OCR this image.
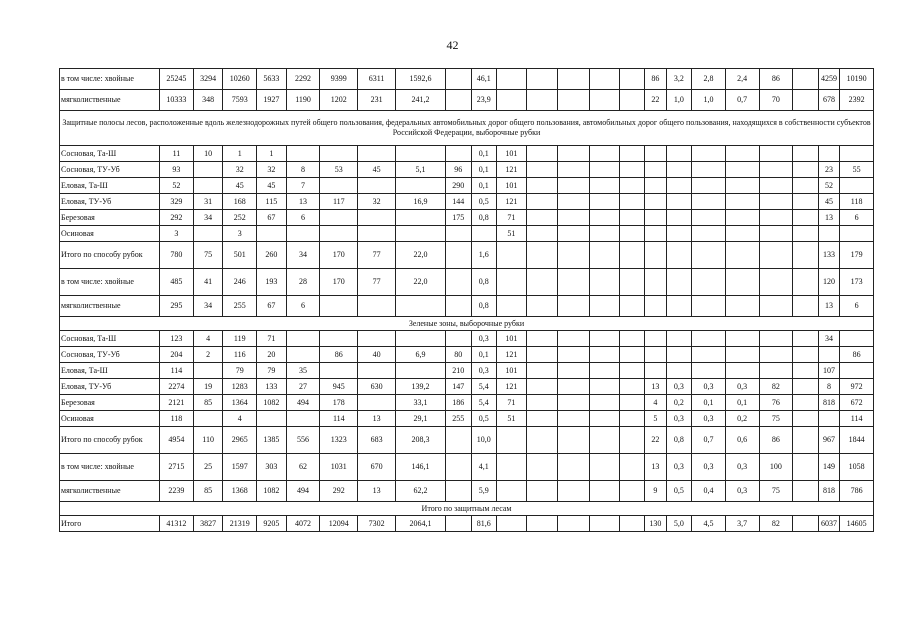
42
в том числе: хвойные	25245	3294	10260	5633	2292	9399	6311	1592,6		46,1						86	3,2	2,8	2,4	86		4259	10190
мягколиственные	10333	348	7593	1927	1190	1202	231	241,2		23,9						22	1,0	1,0	0,7	70		678	2392
Защитные полосы лесов, расположенные вдоль железнодорожных путей общего пользования, федеральных автомобильных дорог общего пользования, автомобильных дорог общего пользования, находящихся в собственности субъектов Российской Федерации, выборочные рубки																							
Сосновая, Та-Ш	11	10	1	1						0,1	101												
Сосновая, ТУ-Уб	93		32	32	8	53	45	5,1	96	0,1	121											23	55
Еловая, Та-Ш	52		45	45	7				290	0,1	101											52	
Еловая, ТУ-Уб	329	31	168	115	13	117	32	16,9	144	0,5	121											45	118
Березовая	292	34	252	67	6				175	0,8	71											13	6
Осиновая	3		3								51												
Итого по способу рубок	780	75	501	260	34	170	77	22,0		1,6												133	179
в том числе: хвойные	485	41	246	193	28	170	77	22,0		0,8												120	173
мягколиственные	295	34	255	67	6					0,8												13	6
Зеленые зоны, выборочные рубки																							
Сосновая, Та-Ш	123	4	119	71						0,3	101											34	
Сосновая, ТУ-Уб	204	2	116	20		86	40	6,9	80	0,1	121												86
Еловая, Та-Ш	114		79	79	35				210	0,3	101											107	
Еловая, ТУ-Уб	2274	19	1283	133	27	945	630	139,2	147	5,4	121					13	0,3	0,3	0,3	82		8	972
Березовая	2121	85	1364	1082	494	178		33,1	186	5,4	71					4	0,2	0,1	0,1	76		818	672
Осиновая	118		4			114	13	29,1	255	0,5	51					5	0,3	0,3	0,2	75			114
Итого по способу рубок	4954	110	2965	1385	556	1323	683	208,3		10,0						22	0,8	0,7	0,6	86		967	1844
в том числе: хвойные	2715	25	1597	303	62	1031	670	146,1		4,1						13	0,3	0,3	0,3	100		149	1058
мягколиственные	2239	85	1368	1082	494	292	13	62,2		5,9						9	0,5	0,4	0,3	75		818	786
Итого по защитным лесам																							
Итого	41312	3827	21319	9205	4072	12094	7302	2064,1		81,6						130	5,0	4,5	3,7	82		6037	14605
